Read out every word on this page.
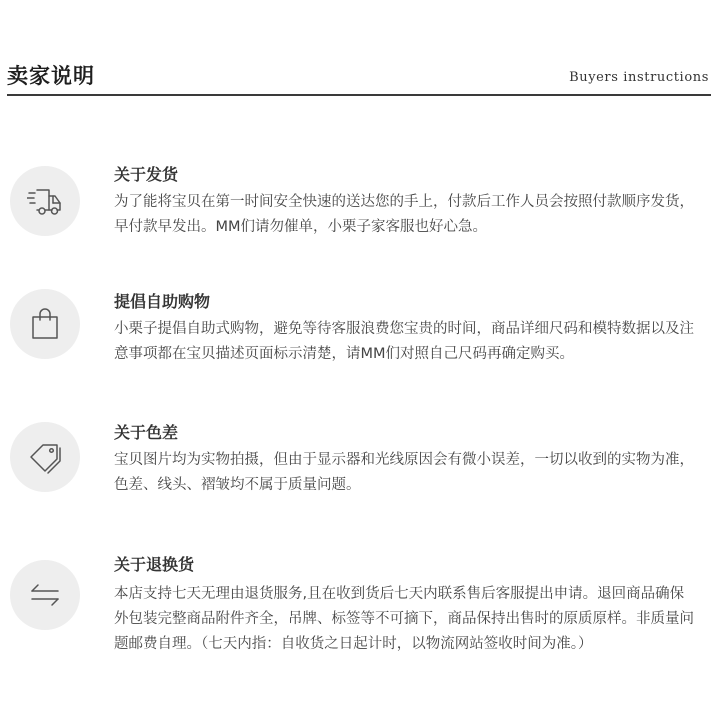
卖家说明	Buyers instructions
关于发货
为了能将宝贝在第一时间安全快速的送达您的手上，付款后工作人员会按照付款顺序发货，早付款早发出。MM们请勿催单，小栗子家客服也好心急。
提倡自助购物
小栗子提倡自助式购物，避免等待客服浪费您宝贵的时间，商品详细尺码和模特数据以及注意事项都在宝贝描述页面标示清楚，请MM们对照自己尺码再确定购买。
关于色差
宝贝图片均为实物拍摄，但由于显示器和光线原因会有微小误差，一切以收到的实物为准，色差、线头、褶皱均不属于质量问题。
关于退换货
本店支持七天无理由退货服务,且在收到货后七天内联系售后客服提出申请。退回商品确保外包装完整商品附件齐全，吊牌、标签等不可摘下，商品保持出售时的原质原样。非质量问题邮费自理。（七天内指：自收货之日起计时，以物流网站签收时间为准。）
